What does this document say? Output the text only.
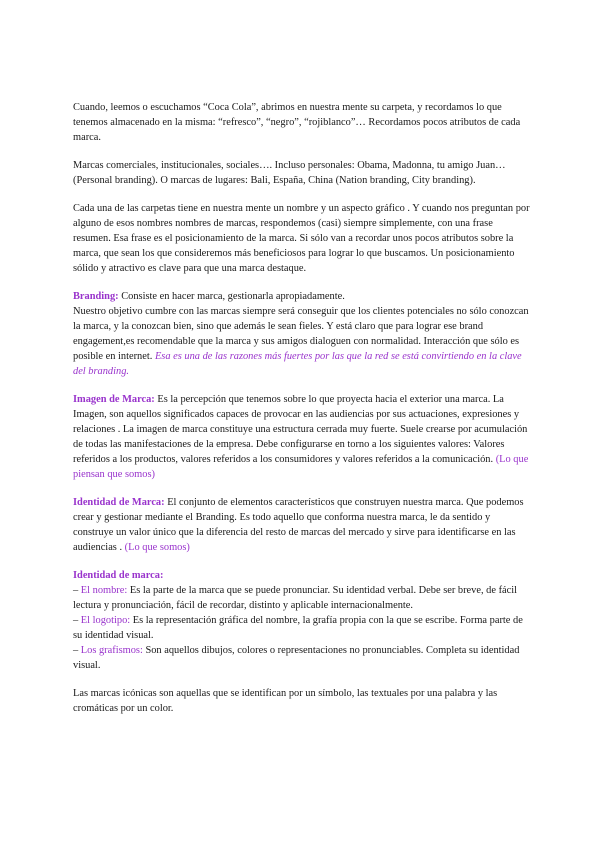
Cuando, leemos o escuchamos “Coca Cola”, abrimos en nuestra mente su carpeta, y recordamos lo que tenemos almacenado en la misma: “refresco”, “negro”, “rojiblanco”… Recordamos pocos atributos de cada marca.

Marcas comerciales, institucionales, sociales…. Incluso personales: Obama, Madonna, tu amigo Juan… (Personal branding). O marcas de lugares: Bali, España, China (Nation branding, City branding).

Cada una de las carpetas tiene en nuestra mente un nombre y un aspecto gráfico . Y cuando nos preguntan por alguno de esos nombres nombres de marcas, respondemos (casi) siempre simplemente, con una frase resumen. Esa frase es el posicionamiento de la marca. Si sólo van a recordar unos pocos atributos sobre la marca, que sean los que consideremos más beneficiosos para lograr lo que buscamos. Un posicionamiento sólido y atractivo es clave para que una marca destaque.

Branding: Consiste en hacer marca, gestionarla apropiadamente.
Nuestro objetivo cumbre con las marcas siempre será conseguir que los clientes potenciales no sólo conozcan la marca, y la conozcan bien, sino que además le sean fieles. Y está claro que para lograr ese brand engagement,es recomendable que la marca y sus amigos dialoguen con normalidad. Interacción que sólo es posible en internet. Esa es una de las razones más fuertes por las que la red se está convirtiendo en la clave del branding.

Imagen de Marca: Es la percepción que tenemos sobre lo que proyecta hacia el exterior una marca. La Imagen, son aquellos significados capaces de provocar en las audiencias por sus actuaciones, expresiones y relaciones . La imagen de marca constituye una estructura cerrada muy fuerte. Suele crearse por acumulación de todas las manifestaciones de la empresa. Debe configurarse en torno a los siguientes valores: Valores referidos a los productos, valores referidos a los consumidores y valores referidos a la comunicación. (Lo que piensan que somos)

Identidad de Marca: El conjunto de elementos característicos que construyen nuestra marca. Que podemos crear y gestionar mediante el Branding. Es todo aquello que conforma nuestra marca, le da sentido y construye un valor único que la diferencia del resto de marcas del mercado y sirve para identificarse en las audiencias . (Lo que somos)

Identidad de marca:
– El nombre: Es la parte de la marca que se puede pronunciar. Su identidad verbal. Debe ser breve, de fácil lectura y pronunciación, fácil de recordar, distinto y aplicable internacionalmente.
– El logotipo: Es la representación gráfica del nombre, la grafía propia con la que se escribe. Forma parte de su identidad visual.
– Los grafismos: Son aquellos dibujos, colores o representaciones no pronunciables. Completa su identidad visual.

Las marcas icónicas son aquellas que se identifican por un símbolo, las textuales por una palabra y las cromáticas por un color.
